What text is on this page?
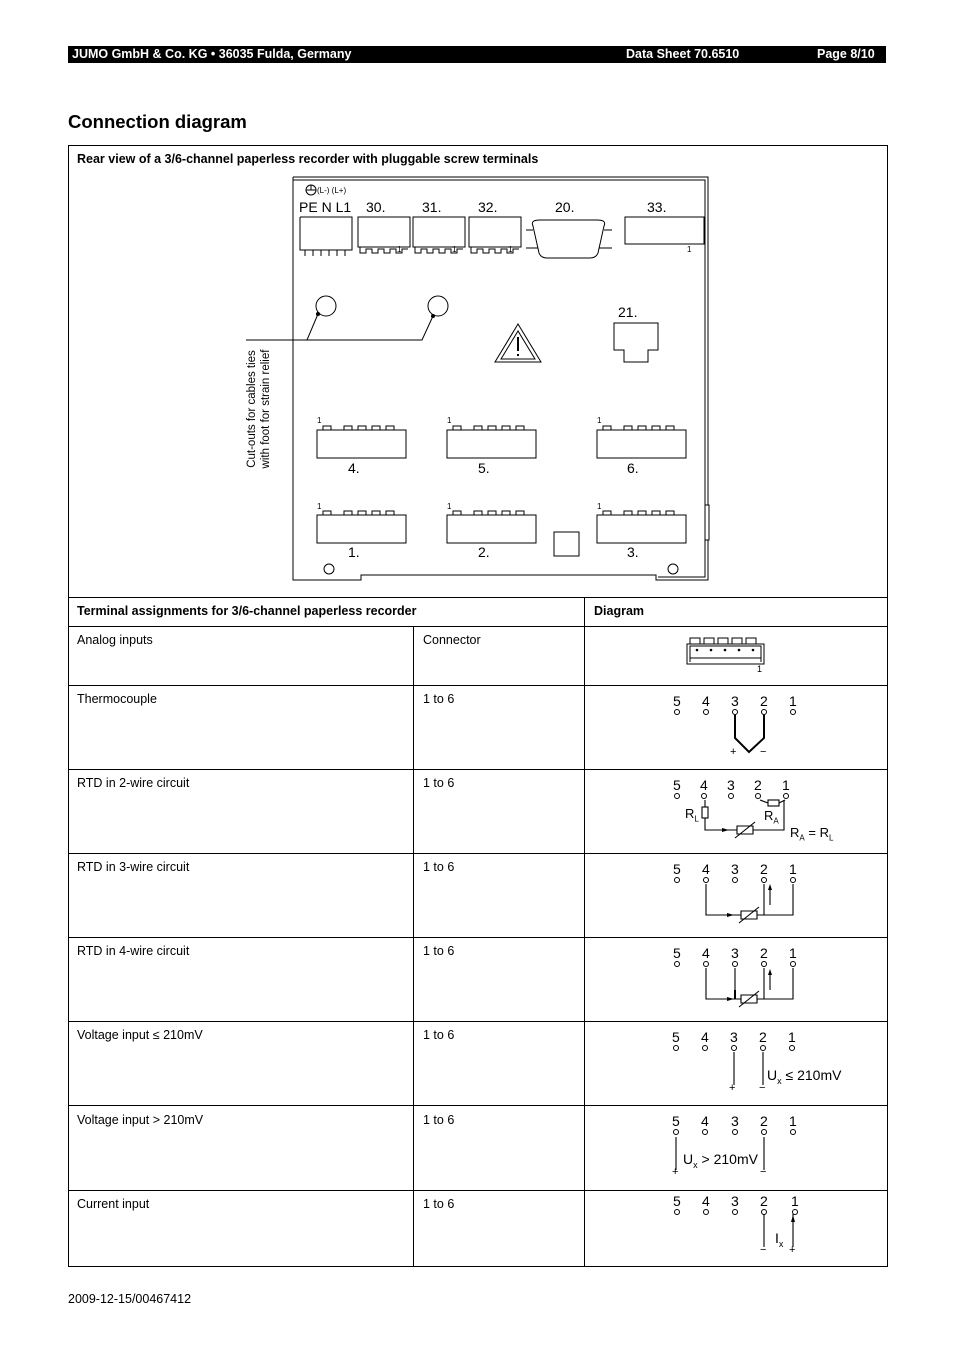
JUMO GmbH & Co. KG • 36035 Fulda, Germany	Data Sheet 70.6510	Page 8/10
Connection diagram
Rear view of a 3/6-channel paperless recorder with pluggable screw terminals
(L-) (L+)
PE N L1 30.	31.	32.	20.	33.
1	1	1	1
21.
1	1	1
4.	5.	6.
1	1	1
1.	2.	3.
Cut-outs for cables ties with foot for strain relief
Terminal assignments for 3/6-channel paperless recorder	Diagram
Analog inputs	Connector
Thermocouple	1 to 6
RTD in 2-wire circuit	1 to 6
RTD in 3-wire circuit	1 to 6
RTD in 4-wire circuit	1 to 6
Voltage input ≤ 210mV	1 to 6
Voltage input > 210mV	1 to 6
Current input	1 to 6
1
5 4 3 2 1
5 4 3 2 1
5 4 3 2 1
5 4 3 2 1
5 4 3 2 1
5 4 3 2 1
5 4 3 2 1
+ −
$R_L$	$R_A$
$R_A = R_L$
$U_x \le 210mV$
+ −
$U_x > 210mV$
+	−
$I_x$
− +
2009-12-15/00467412
